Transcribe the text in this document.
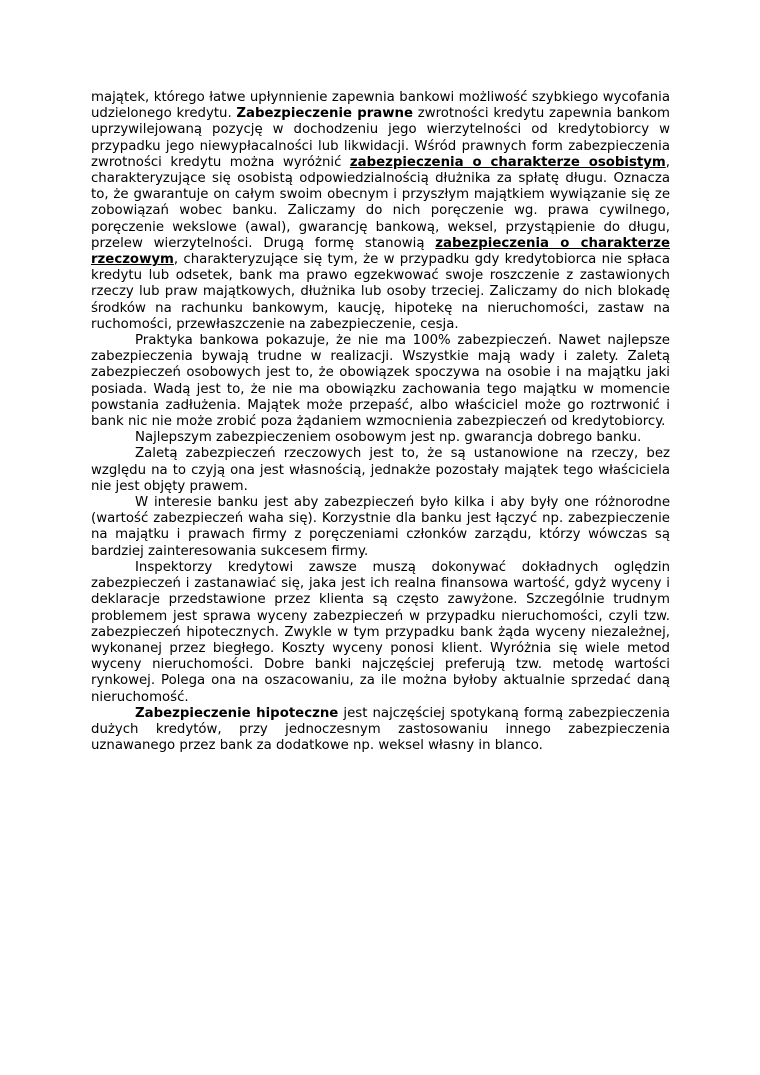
majątek, którego łatwe upłynnienie zapewnia bankowi możliwość szybkiego wycofania udzielonego kredytu. Zabezpieczenie prawne zwrotności kredytu zapewnia bankom uprzywilejowaną pozycję w dochodzeniu jego wierzytelności od kredytobiorcy w przypadku jego niewypłacalności lub likwidacji. Wśród prawnych form zabezpieczenia zwrotności kredytu można wyróżnić zabezpieczenia o charakterze osobistym, charakteryzujące się osobistą odpowiedzialnością dłużnika za spłatę długu. Oznacza to, że gwarantuje on całym swoim obecnym i przyszłym majątkiem wywiązanie się ze zobowiązań wobec banku. Zaliczamy do nich poręczenie wg. prawa cywilnego, poręczenie wekslowe (awal), gwarancję bankową, weksel, przystąpienie do długu, przelew wierzytelności. Drugą formę stanowią zabezpieczenia o charakterze rzeczowym, charakteryzujące się tym, że w przypadku gdy kredytobiorca nie spłaca kredytu lub odsetek, bank ma prawo egzekwować swoje roszczenie z zastawionych rzeczy lub praw majątkowych, dłużnika lub osoby trzeciej. Zaliczamy do nich blokadę środków na rachunku bankowym, kaucję, hipotekę na nieruchomości, zastaw na ruchomości, przewłaszczenie na zabezpieczenie, cesja.

Praktyka bankowa pokazuje, że nie ma 100% zabezpieczeń. Nawet najlepsze zabezpieczenia bywają trudne w realizacji. Wszystkie mają wady i zalety. Zaletą zabezpieczeń osobowych jest to, że obowiązek spoczywa na osobie i na majątku jaki posiada. Wadą jest to, że nie ma obowiązku zachowania tego majątku w momencie powstania zadłużenia. Majątek może przepaść, albo właściciel może go roztrwonić i bank nic nie może zrobić poza żądaniem wzmocnienia zabezpieczeń od kredytobiorcy.

Najlepszym zabezpieczeniem osobowym jest np. gwarancja dobrego banku.

Zaletą zabezpieczeń rzeczowych jest to, że są ustanowione na rzeczy, bez względu na to czyją ona jest własnością, jednakże pozostały majątek tego właściciela nie jest objęty prawem.

W interesie banku jest aby zabezpieczeń było kilka i aby były one różnorodne (wartość zabezpieczeń waha się). Korzystnie dla banku jest łączyć np. zabezpieczenie na majątku i prawach firmy z poręczeniami członków zarządu, którzy wówczas są bardziej zainteresowania sukcesem firmy.

Inspektorzy kredytowi zawsze muszą dokonywać dokładnych oględzin zabezpieczeń i zastanawiać się, jaka jest ich realna finansowa wartość, gdyż wyceny i deklaracje przedstawione przez klienta są często zawyżone. Szczególnie trudnym problemem jest sprawa wyceny zabezpieczeń w przypadku nieruchomości, czyli tzw. zabezpieczeń hipotecznych. Zwykle w tym przypadku bank żąda wyceny niezależnej, wykonanej przez biegłego. Koszty wyceny ponosi klient. Wyróżnia się wiele metod wyceny nieruchomości. Dobre banki najczęściej preferują tzw. metodę wartości rynkowej. Polega ona na oszacowaniu, za ile można byłoby aktualnie sprzedać daną nieruchomość.

Zabezpieczenie hipoteczne jest najczęściej spotykaną formą zabezpieczenia dużych kredytów, przy jednoczesnym zastosowaniu innego zabezpieczenia uznawanego przez bank za dodatkowe np. weksel własny in blanco.
